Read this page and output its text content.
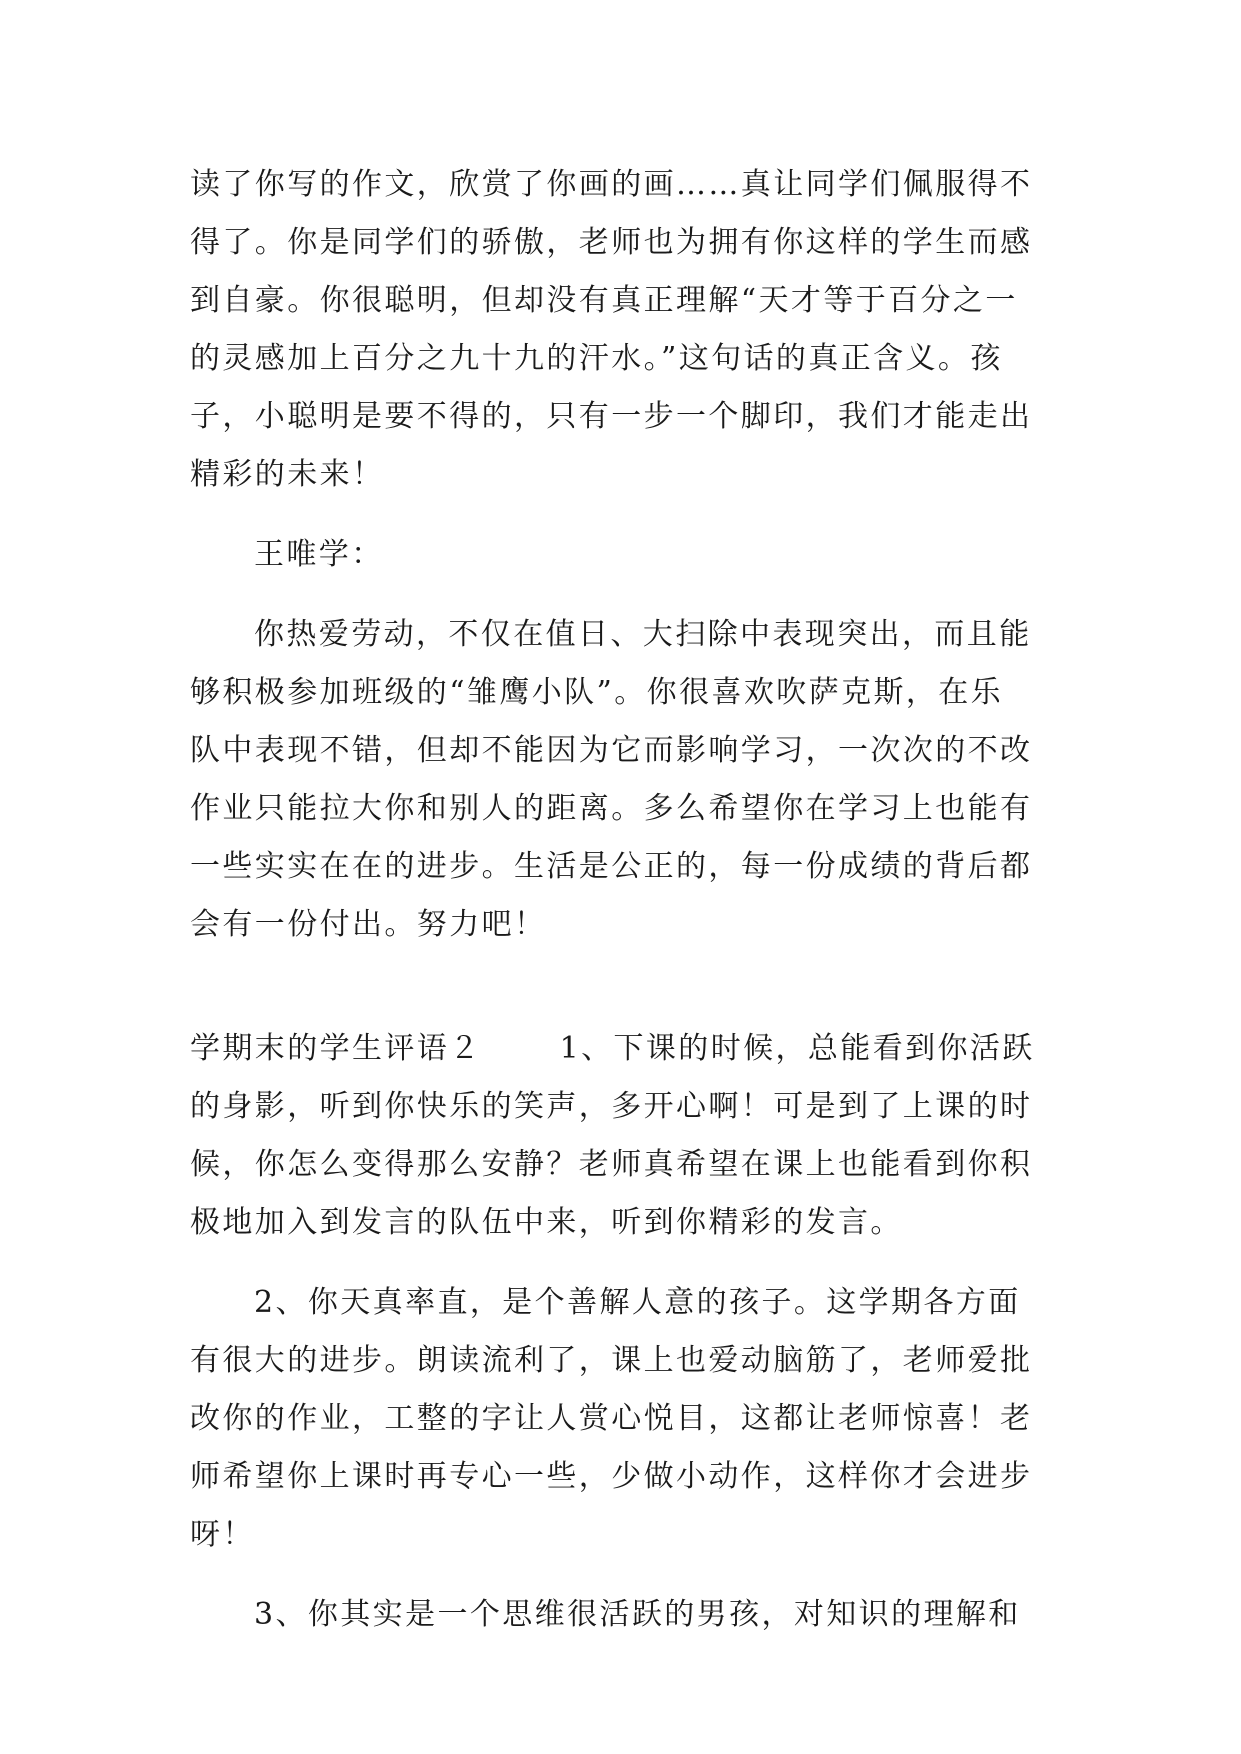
读了你写的作文，欣赏了你画的画……真让同学们佩服得不
得了。你是同学们的骄傲，老师也为拥有你这样的学生而感
到自豪。你很聪明，但却没有真正理解“天才等于百分之一
的灵感加上百分之九十九的汗水。”这句话的真正含义。孩
子，小聪明是要不得的，只有一步一个脚印，我们才能走出
精彩的未来！
王唯学：
你热爱劳动，不仅在值日、大扫除中表现突出，而且能
够积极参加班级的“雏鹰小队”。你很喜欢吹萨克斯，在乐
队中表现不错，但却不能因为它而影响学习，一次次的不改
作业只能拉大你和别人的距离。多么希望你在学习上也能有
一些实实在在的进步。生活是公正的，每一份成绩的背后都
会有一份付出。努力吧！
学期末的学生评语２	1、下课的时候，总能看到你活跃
的身影，听到你快乐的笑声，多开心啊！可是到了上课的时
候，你怎么变得那么安静？老师真希望在课上也能看到你积
极地加入到发言的队伍中来，听到你精彩的发言。
2、你天真率直，是个善解人意的孩子。这学期各方面
有很大的进步。朗读流利了，课上也爱动脑筋了，老师爱批
改你的作业，工整的字让人赏心悦目，这都让老师惊喜！老
师希望你上课时再专心一些，少做小动作，这样你才会进步
呀！
3、你其实是一个思维很活跃的男孩，对知识的理解和
